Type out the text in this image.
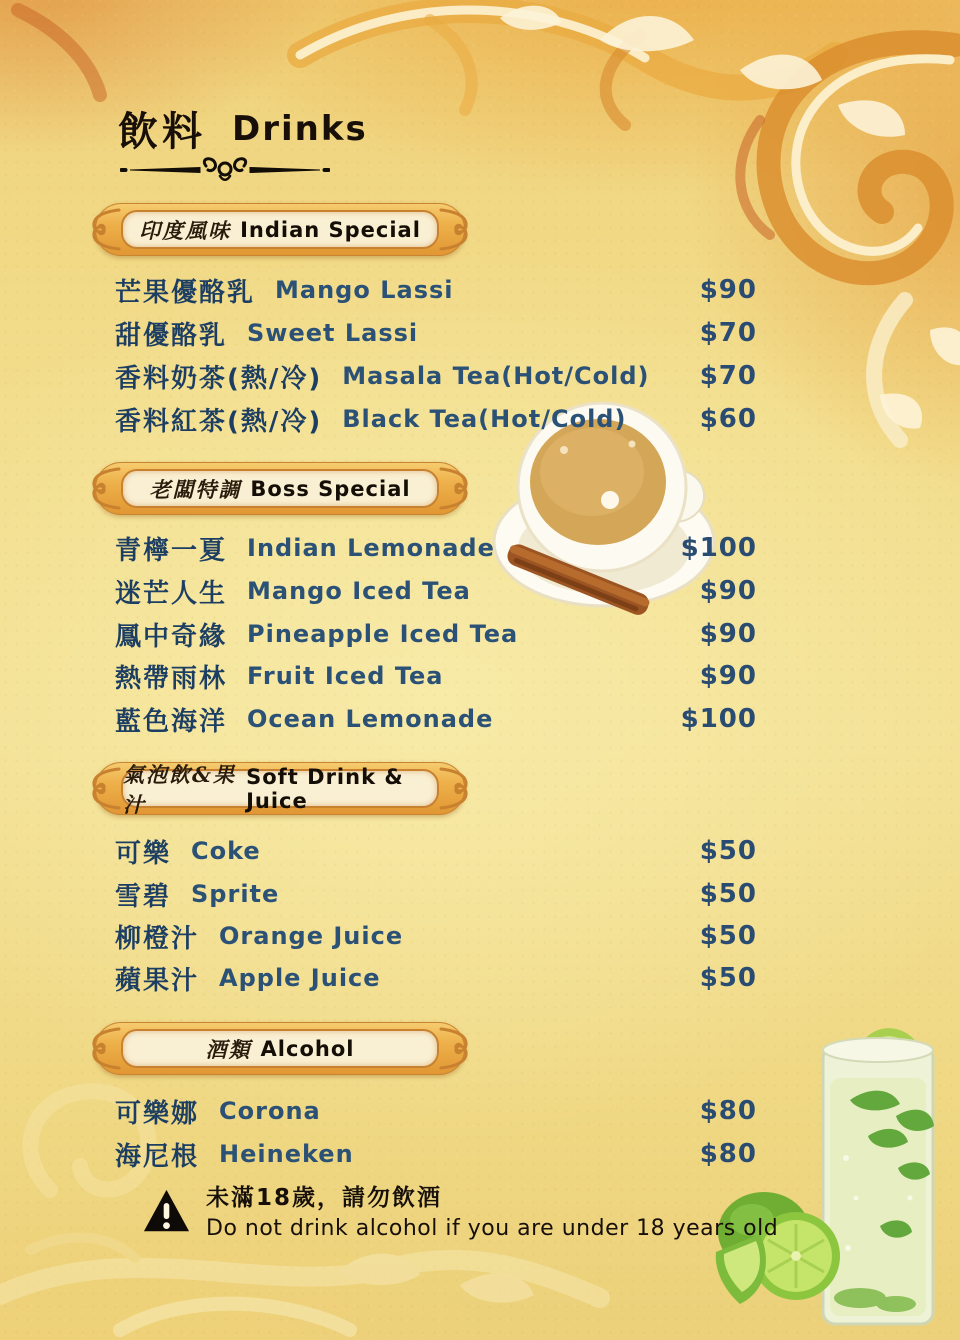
飲料 Drinks
印度風味 Indian Special
老闆特調 Boss Special
氣泡飲&果汁
Soft Drink & Juice
酒類 Alcohol
芒果優酪乳 Mango Lassi	$90
甜優酪乳 Sweet Lassi	$70
香料奶茶(熱/冷) Masala Tea(Hot/Cold) $70
香料紅茶(熱/冷) Black Tea(Hot/Cold)	$60
青檸一夏 Indian Lemonade	$100
迷芒人生 Mango Iced Tea	$90
鳳中奇緣 Pineapple Iced Tea	$90
熱帶雨林 Fruit Iced Tea	$90
藍色海洋 Ocean Lemonade	$100
可樂 Coke	$50
雪碧 Sprite	$50
柳橙汁 Orange Juice	$50
蘋果汁 Apple Juice	$50
可樂娜 Corona	$80
海尼根 Heineken	$80
未滿18歲，請勿飲酒
Do not drink alcohol if you are under 18 years old
